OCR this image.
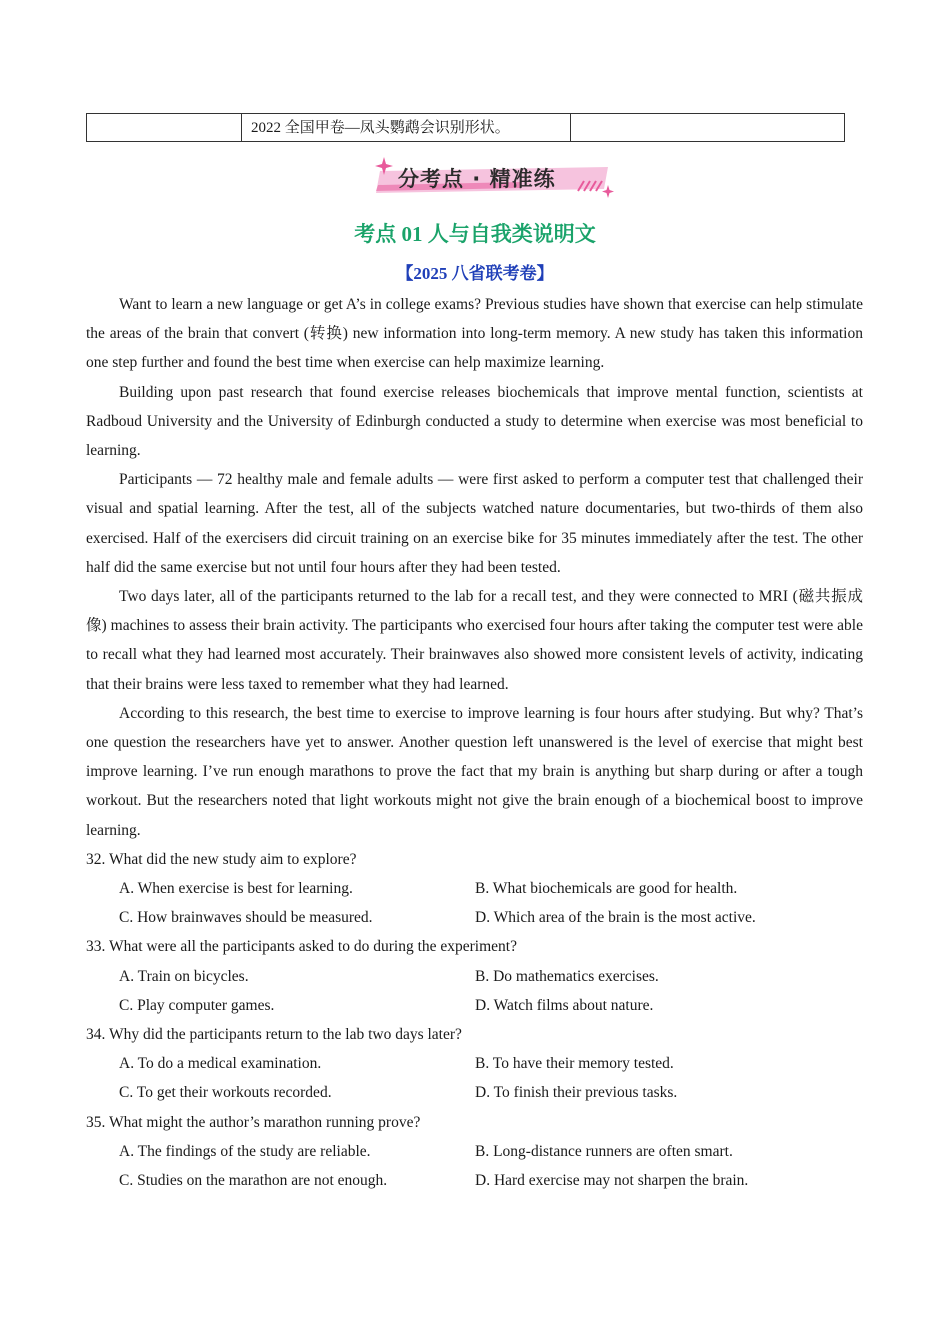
2022 全国甲卷—凤头鹦鹉会识别形状。
分考点 · 精准练
考点 01 人与自我类说明文
【2025 八省联考卷】

Want to learn a new language or get A’s in college exams? Previous studies have shown that exercise can help stimulate the areas of the brain that convert (转换) new information into long-term memory. A new study has taken this information one step further and found the best time when exercise can help maximize learning.

Building upon past research that found exercise releases biochemicals that improve mental function, scientists at Radboud University and the University of Edinburgh conducted a study to determine when exercise was most beneficial to learning.

Participants — 72 healthy male and female adults — were first asked to perform a computer test that challenged their visual and spatial learning. After the test, all of the subjects watched nature documentaries, but two-thirds of them also exercised. Half of the exercisers did circuit training on an exercise bike for 35 minutes immediately after the test. The other half did the same exercise but not until four hours after they had been tested.

Two days later, all of the participants returned to the lab for a recall test, and they were connected to MRI (磁共振成像) machines to assess their brain activity. The participants who exercised four hours after taking the computer test were able to recall what they had learned most accurately. Their brainwaves also showed more consistent levels of activity, indicating that their brains were less taxed to remember what they had learned.

According to this research, the best time to exercise to improve learning is four hours after studying. But why? That’s one question the researchers have yet to answer. Another question left unanswered is the level of exercise that might best improve learning. I’ve run enough marathons to prove the fact that my brain is anything but sharp during or after a tough workout. But the researchers noted that light workouts might not give the brain enough of a biochemical boost to improve learning.

32. What did the new study aim to explore?
A. When exercise is best for learning.	B. What biochemicals are good for health.
C. How brainwaves should be measured.	D. Which area of the brain is the most active.
33. What were all the participants asked to do during the experiment?
A. Train on bicycles.	B. Do mathematics exercises.
C. Play computer games.	D. Watch films about nature.
34. Why did the participants return to the lab two days later?
A. To do a medical examination.	B. To have their memory tested.
C. To get their workouts recorded.	D. To finish their previous tasks.
35. What might the author’s marathon running prove?
A. The findings of the study are reliable.	B. Long-distance runners are often smart.
C. Studies on the marathon are not enough.	D. Hard exercise may not sharpen the brain.
